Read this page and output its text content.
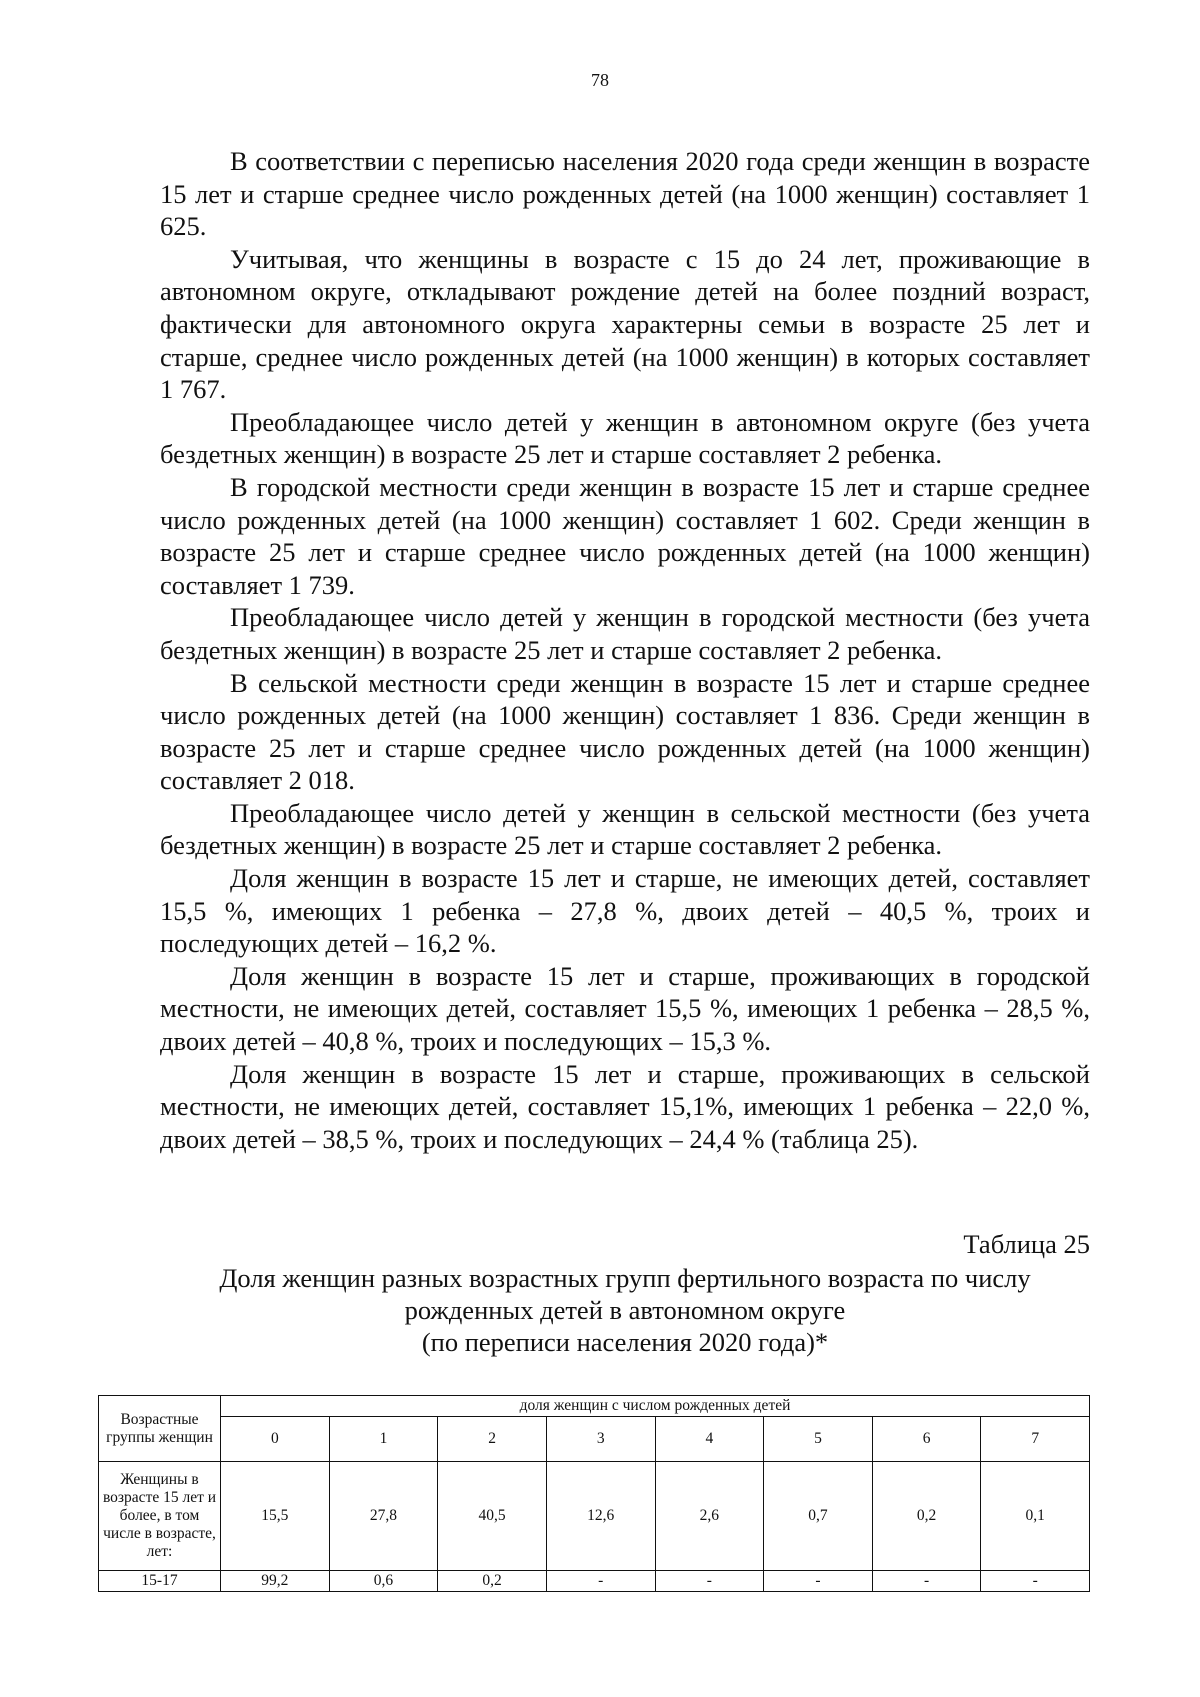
78

В соответствии с переписью населения 2020 года среди женщин в возрасте 15 лет и старше среднее число рожденных детей (на 1000 женщин) составляет 1 625.

Учитывая, что женщины в возрасте с 15 до 24 лет, проживающие в автономном округе, откладывают рождение детей на более поздний возраст, фактически для автономного округа характерны семьи в возрасте 25 лет и старше, среднее число рожденных детей (на 1000 женщин) в которых составляет 1 767.

Преобладающее число детей у женщин в автономном округе (без учета бездетных женщин) в возрасте 25 лет и старше составляет 2 ребенка.

В городской местности среди женщин в возрасте 15 лет и старше среднее число рожденных детей (на 1000 женщин) составляет 1 602. Среди женщин в возрасте 25 лет и старше среднее число рожденных детей (на 1000 женщин) составляет 1 739.

Преобладающее число детей у женщин в городской местности (без учета бездетных женщин) в возрасте 25 лет и старше составляет 2 ребенка.

В сельской местности среди женщин в возрасте 15 лет и старше среднее число рожденных детей (на 1000 женщин) составляет 1 836. Среди женщин в возрасте 25 лет и старше среднее число рожденных детей (на 1000 женщин) составляет 2 018.

Преобладающее число детей у женщин в сельской местности (без учета бездетных женщин) в возрасте 25 лет и старше составляет 2 ребенка.

Доля женщин в возрасте 15 лет и старше, не имеющих детей, составляет 15,5 %, имеющих 1 ребенка – 27,8 %, двоих детей – 40,5 %, троих и последующих детей – 16,2 %.

Доля женщин в возрасте 15 лет и старше, проживающих в городской местности, не имеющих детей, составляет 15,5 %, имеющих 1 ребенка – 28,5 %, двоих детей – 40,8 %, троих и последующих – 15,3 %.

Доля женщин в возрасте 15 лет и старше, проживающих в сельской местности, не имеющих детей, составляет 15,1%, имеющих 1 ребенка – 22,0 %, двоих детей – 38,5 %, троих и последующих – 24,4 % (таблица 25).

Таблица 25
Доля женщин разных возрастных групп фертильного возраста по числу
рожденных детей в автономном округе
(по переписи населения 2020 года)*
Возрастные группы женщин	доля женщин с числом рожденных детей							
	0	1	2	3	4	5	6	7
Женщины в возрасте 15 лет и более, в том числе в возрасте, лет:	15,5	27,8	40,5	12,6	2,6	0,7	0,2	0,1
15-17	99,2	0,6	0,2	-	-	-	-	-
